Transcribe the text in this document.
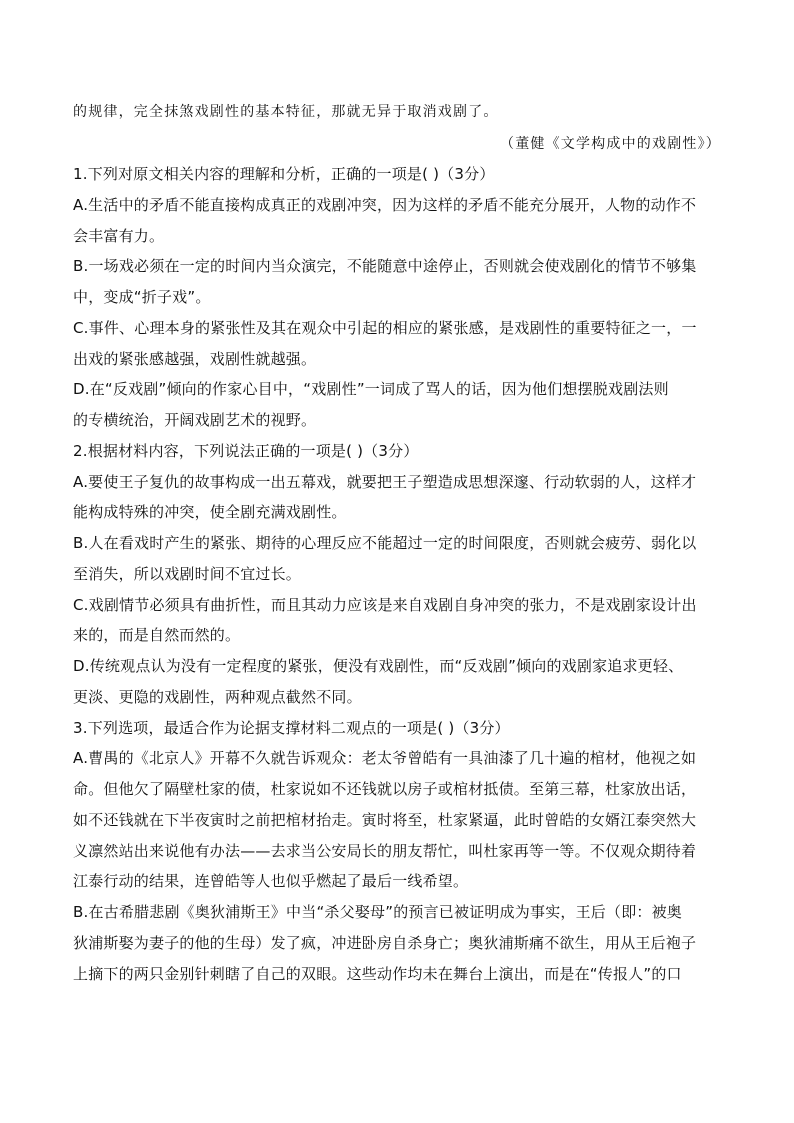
的规律，完全抹煞戏剧性的基本特征，那就无异于取消戏剧了。
（董健《文学构成中的戏剧性》）
1.下列对原文相关内容的理解和分析，正确的一项是( )（3分）
A.生活中的矛盾不能直接构成真正的戏剧冲突，因为这样的矛盾不能充分展开，人物的动作不
会丰富有力。
B.一场戏必须在一定的时间内当众演完，不能随意中途停止，否则就会使戏剧化的情节不够集
中，变成“折子戏”。
C.事件、心理本身的紧张性及其在观众中引起的相应的紧张感，是戏剧性的重要特征之一，一
出戏的紧张感越强，戏剧性就越强。
D.在“反戏剧”倾向的作家心目中，“戏剧性”一词成了骂人的话，因为他们想摆脱戏剧法则
的专横统治，开阔戏剧艺术的视野。
2.根据材料内容，下列说法正确的一项是( )（3分）
A.要使王子复仇的故事构成一出五幕戏，就要把王子塑造成思想深邃、行动软弱的人，这样才
能构成特殊的冲突，使全剧充满戏剧性。
B.人在看戏时产生的紧张、期待的心理反应不能超过一定的时间限度，否则就会疲劳、弱化以
至消失，所以戏剧时间不宜过长。
C.戏剧情节必须具有曲折性，而且其动力应该是来自戏剧自身冲突的张力，不是戏剧家设计出
来的，而是自然而然的。
D.传统观点认为没有一定程度的紧张，便没有戏剧性，而“反戏剧”倾向的戏剧家追求更轻、
更淡、更隐的戏剧性，两种观点截然不同。
3.下列选项，最适合作为论据支撑材料二观点的一项是( )（3分）
A.曹禺的《北京人》开幕不久就告诉观众：老太爷曾皓有一具油漆了几十遍的棺材，他视之如
命。但他欠了隔壁杜家的债，杜家说如不还钱就以房子或棺材抵债。至第三幕，杜家放出话，
如不还钱就在下半夜寅时之前把棺材抬走。寅时将至，杜家紧逼，此时曾皓的女婿江泰突然大
义凛然站出来说他有办法——去求当公安局长的朋友帮忙，叫杜家再等一等。不仅观众期待着
江泰行动的结果，连曾皓等人也似乎燃起了最后一线希望。
B.在古希腊悲剧《奥狄浦斯王》中当“杀父娶母”的预言已被证明成为事实，王后（即：被奥
狄浦斯娶为妻子的他的生母）发了疯，冲进卧房自杀身亡；奥狄浦斯痛不欲生，用从王后袍子
上摘下的两只金别针刺瞎了自己的双眼。这些动作均未在舞台上演出，而是在“传报人”的口
